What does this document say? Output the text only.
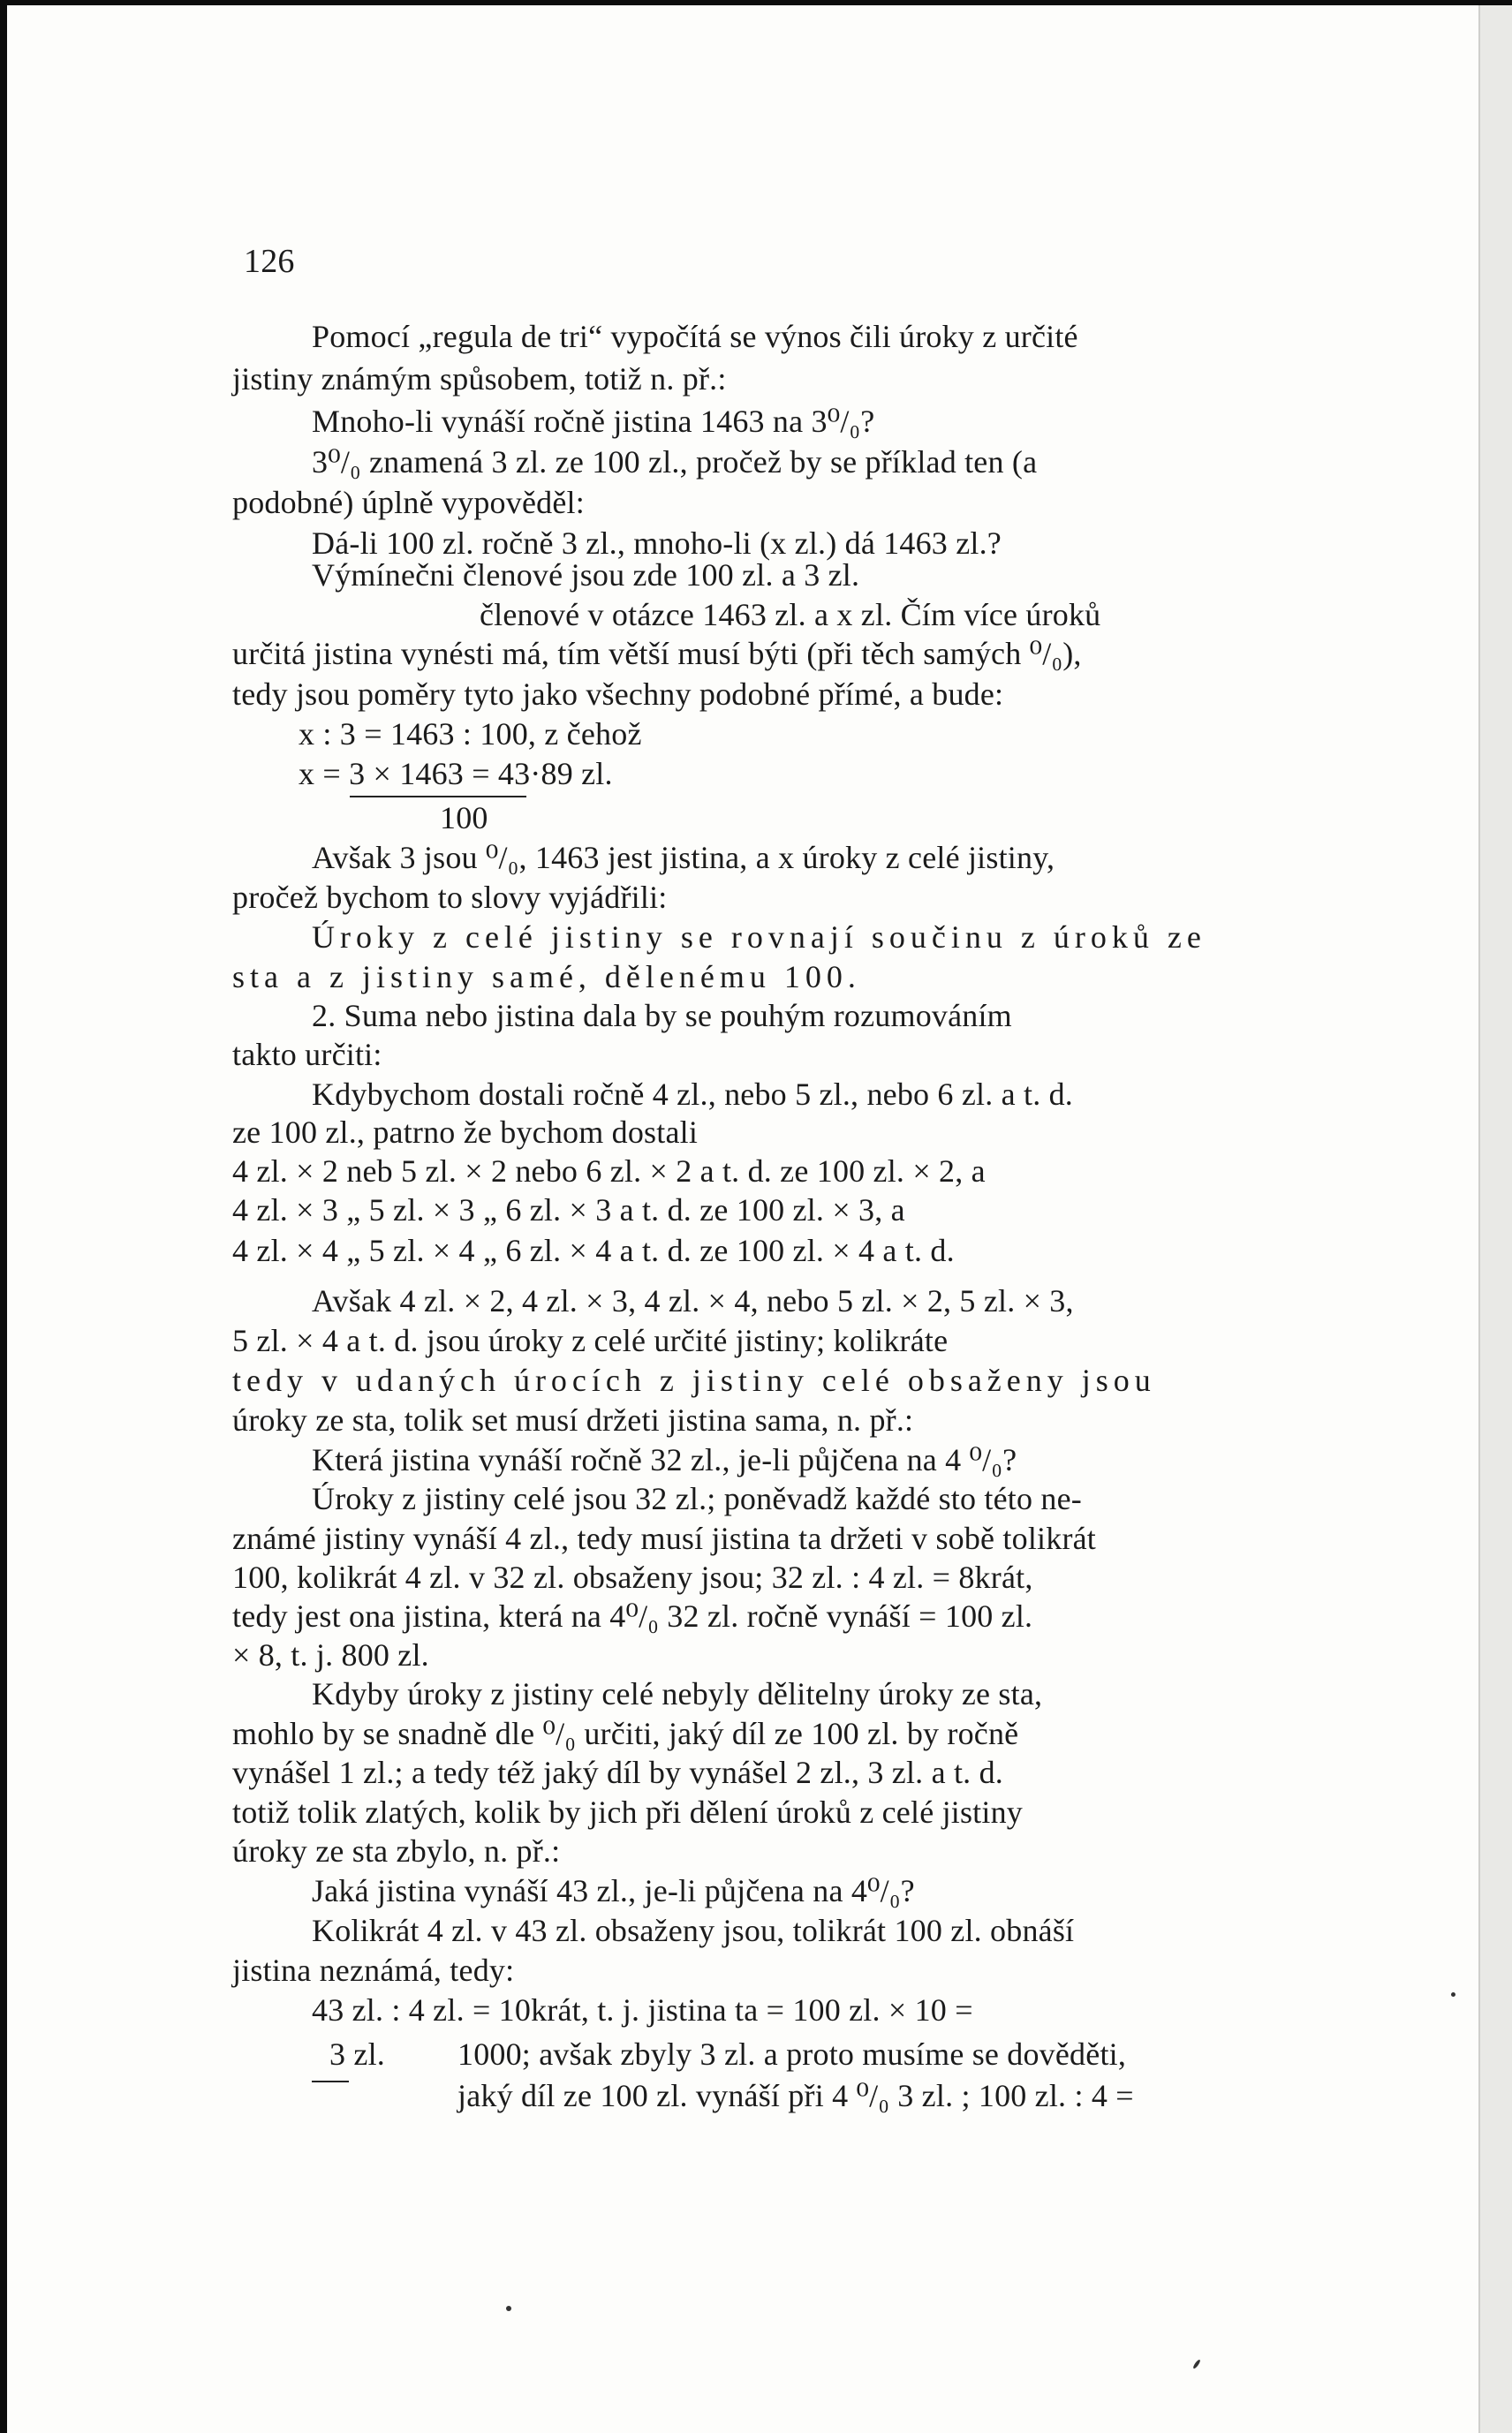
126
Pomocí „regula de tri“ vypočítá se výnos čili úroky z určité
jistiny známým spůsobem, totiž n. př.:
Mnoho-li vynáší ročně jistina 1463 na 3⁰/₀?
3⁰/₀ znamená 3 zl. ze 100 zl., pročež by se příklad ten (a
podobné) úplně vypověděl:
Dá-li 100 zl. ročně 3 zl., mnoho-li (x zl.) dá 1463 zl.?
Výmínečni členové jsou zde 100 zl. a 3 zl.
členové v otázce 1463 zl. a x zl. Čím více úroků
určitá jistina vynésti má, tím větší musí býti (při těch samých ⁰/₀),
tedy jsou poměry tyto jako všechny podobné přímé, a bude:
x : 3 = 1463 : 100, z čehož
x = 3 × 1463 = 43·89 zl.
100
Avšak 3 jsou ⁰/₀, 1463 jest jistina, a x úroky z celé jistiny,
pročež bychom to slovy vyjádřili:
Úroky z celé jistiny se rovnají součinu z úroků ze
sta a z jistiny samé, dělenému 100.
2. Suma nebo jistina dala by se pouhým rozumováním
takto určiti:
Kdybychom dostali ročně 4 zl., nebo 5 zl., nebo 6 zl. a t. d.
ze 100 zl., patrno že bychom dostali
4 zl. × 2 neb 5 zl. × 2 nebo 6 zl. × 2 a t. d. ze 100 zl. × 2, a
4 zl. × 3 „ 5 zl. × 3 „ 6 zl. × 3 a t. d. ze 100 zl. × 3, a
4 zl. × 4 „ 5 zl. × 4 „ 6 zl. × 4 a t. d. ze 100 zl. × 4 a t. d.
Avšak 4 zl. × 2, 4 zl. × 3, 4 zl. × 4, nebo 5 zl. × 2, 5 zl. × 3,
5 zl. × 4 a t. d. jsou úroky z celé určité jistiny; kolikráte
tedy v udaných úrocích z jistiny celé obsaženy jsou
úroky ze sta, tolik set musí držeti jistina sama, n. př.:
Která jistina vynáší ročně 32 zl., je-li půjčena na 4 ⁰/₀?
Úroky z jistiny celé jsou 32 zl.; poněvadž každé sto této ne-
známé jistiny vynáší 4 zl., tedy musí jistina ta držeti v sobě tolikrát
100, kolikrát 4 zl. v 32 zl. obsaženy jsou; 32 zl. : 4 zl. = 8krát,
tedy jest ona jistina, která na 4⁰/₀ 32 zl. ročně vynáší = 100 zl.
× 8, t. j. 800 zl.
Kdyby úroky z jistiny celé nebyly dělitelny úroky ze sta,
mohlo by se snadně dle ⁰/₀ určiti, jaký díl ze 100 zl. by ročně
vynášel 1 zl.; a tedy též jaký díl by vynášel 2 zl., 3 zl. a t. d.
totiž tolik zlatých, kolik by jich při dělení úroků z celé jistiny
úroky ze sta zbylo, n. př.:
Jaká jistina vynáší 43 zl., je-li půjčena na 4⁰/₀?
Kolikrát 4 zl. v 43 zl. obsaženy jsou, tolikrát 100 zl. obnáší
jistina neznámá, tedy:
43 zl. : 4 zl. = 10krát, t. j. jistina ta = 100 zl. × 10 =
3 zl. 1000; avšak zbyly 3 zl. a proto musíme se dověděti,
jaký díl ze 100 zl. vynáší při 4 ⁰/₀ 3 zl. ; 100 zl. : 4 =
